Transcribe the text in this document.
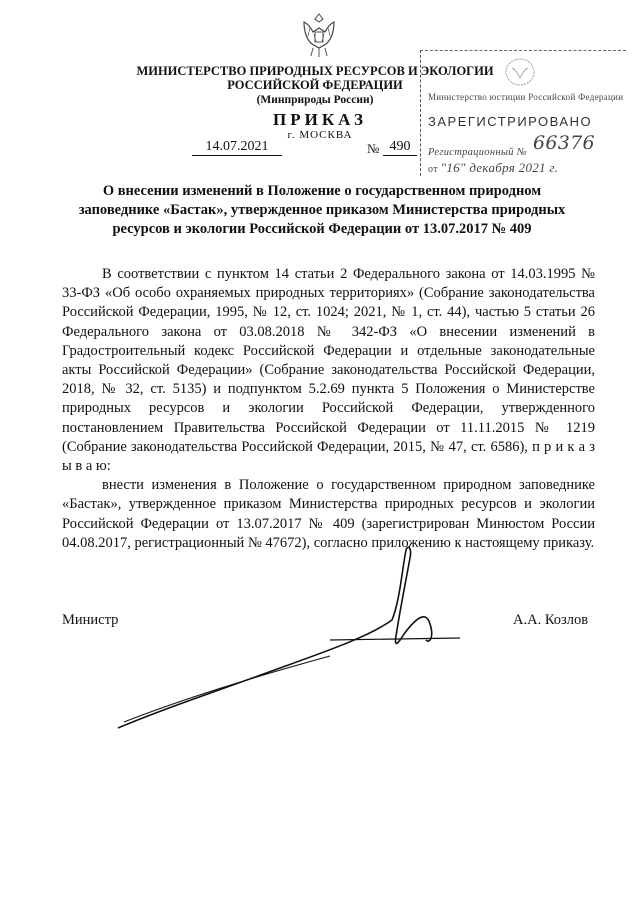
МИНИСТЕРСТВО ПРИРОДНЫХ РЕСУРСОВ И ЭКОЛОГИИ
РОССИЙСКОЙ ФЕДЕРАЦИИ
(Минприроды России)
ПРИКАЗ
г. МОСКВА
14.07.2021	№ 490
Министерство юстиции Российской Федерации
ЗАРЕГИСТРИРОВАНО
Регистрационный № 66376
от "16" декабря 2021 г.
О внесении изменений в Положение о государственном природном заповеднике «Бастак», утвержденное приказом Министерства природных ресурсов и экологии Российской Федерации от 13.07.2017 № 409

В соответствии с пунктом 14 статьи 2 Федерального закона от 14.03.1995 № 33-ФЗ «Об особо охраняемых природных территориях» (Собрание законодательства Российской Федерации, 1995, № 12, ст. 1024; 2021, № 1, ст. 44), частью 5 статьи 26 Федерального закона от 03.08.2018 № 342-ФЗ «О внесении изменений в Градостроительный кодекс Российской Федерации и отдельные законодательные акты Российской Федерации» (Собрание законодательства Российской Федерации, 2018, № 32, ст. 5135) и подпунктом 5.2.69 пункта 5 Положения о Министерстве природных ресурсов и экологии Российской Федерации, утвержденного постановлением Правительства Российской Федерации от 11.11.2015 № 1219 (Собрание законодательства Российской Федерации, 2015, № 47, ст. 6586), п р и к а з ы в а ю:

внести изменения в Положение о государственном природном заповеднике «Бастак», утвержденное приказом Министерства природных ресурсов и экологии Российской Федерации от 13.07.2017 № 409 (зарегистрирован Минюстом России 04.08.2017, регистрационный № 47672), согласно приложению к настоящему приказу.

Министр	А.А. Козлов
